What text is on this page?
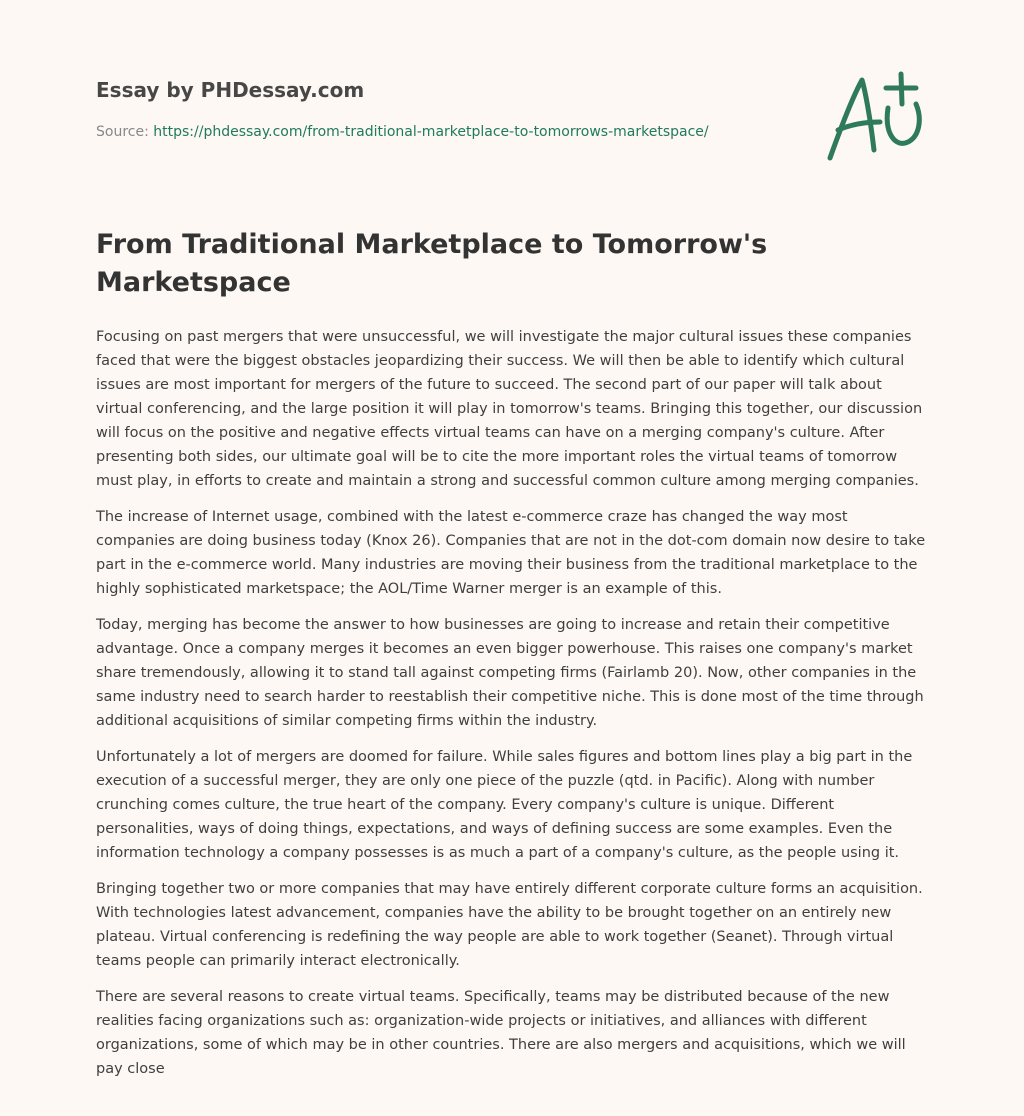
Essay by PHDessay.com
Source: https://phdessay.com/from-traditional-marketplace-to-tomorrows-marketspace/
From Traditional Marketplace to Tomorrow's Marketspace

Focusing on past mergers that were unsuccessful, we will investigate the major cultural issues these companies faced that were the biggest obstacles jeopardizing their success. We will then be able to identify which cultural issues are most important for mergers of the future to succeed. The second part of our paper will talk about virtual conferencing, and the large position it will play in tomorrow's teams. Bringing this together, our discussion will focus on the positive and negative effects virtual teams can have on a merging company's culture. After presenting both sides, our ultimate goal will be to cite the more important roles the virtual teams of tomorrow must play, in efforts to create and maintain a strong and successful common culture among merging companies.

The increase of Internet usage, combined with the latest e-commerce craze has changed the way most companies are doing business today (Knox 26). Companies that are not in the dot-com domain now desire to take part in the e-commerce world. Many industries are moving their business from the traditional marketplace to the highly sophisticated marketspace; the AOL/Time Warner merger is an example of this.

Today, merging has become the answer to how businesses are going to increase and retain their competitive advantage. Once a company merges it becomes an even bigger powerhouse. This raises one company's market share tremendously, allowing it to stand tall against competing firms (Fairlamb 20). Now, other companies in the same industry need to search harder to reestablish their competitive niche. This is done most of the time through additional acquisitions of similar competing firms within the industry.

Unfortunately a lot of mergers are doomed for failure. While sales figures and bottom lines play a big part in the execution of a successful merger, they are only one piece of the puzzle (qtd. in Pacific). Along with number crunching comes culture, the true heart of the company. Every company's culture is unique. Different personalities, ways of doing things, expectations, and ways of defining success are some examples. Even the information technology a company possesses is as much a part of a company's culture, as the people using it.

Bringing together two or more companies that may have entirely different corporate culture forms an acquisition. With technologies latest advancement, companies have the ability to be brought together on an entirely new plateau. Virtual conferencing is redefining the way people are able to work together (Seanet). Through virtual teams people can primarily interact electronically.

There are several reasons to create virtual teams. Specifically, teams may be distributed because of the new realities facing organizations such as: organization-wide projects or initiatives, and alliances with different organizations, some of which may be in other countries. There are also mergers and acquisitions, which we will pay close
